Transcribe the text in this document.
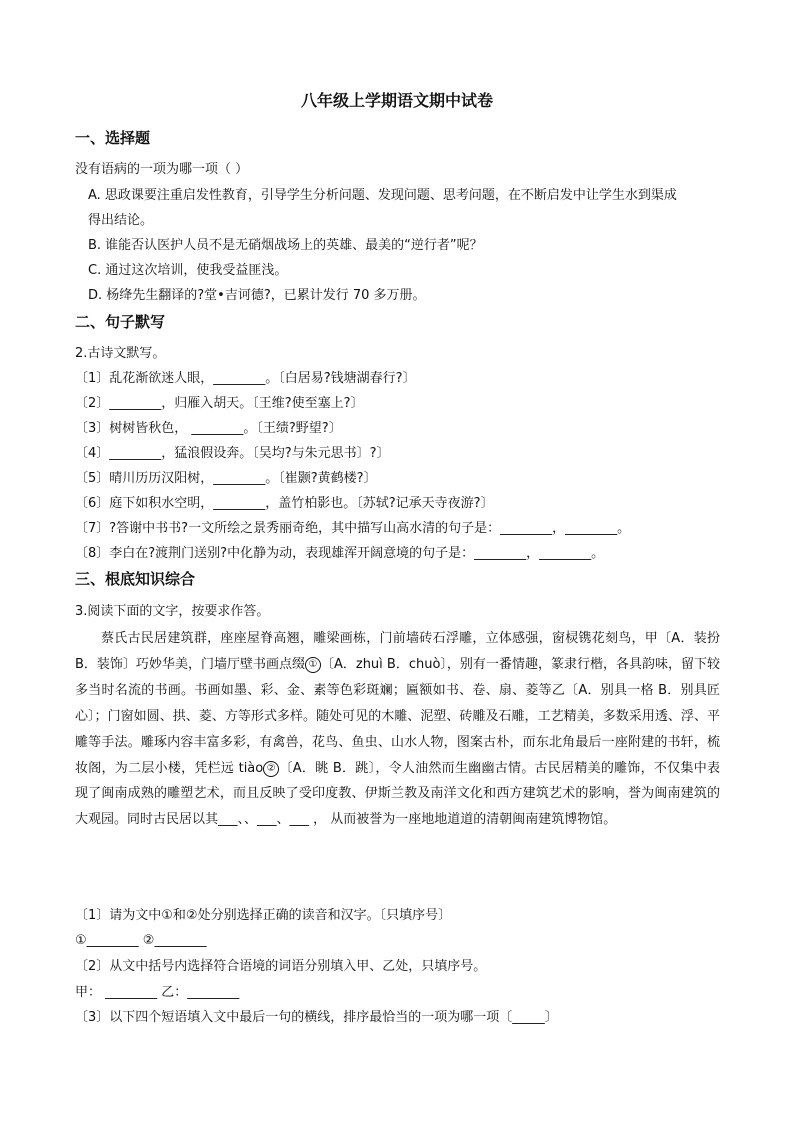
八年级上学期语文期中试卷
一、选择题
没有语病的一项为哪一项（ ）
A. 思政课要注重启发性教育，引导学生分析问题、发现问题、思考问题，在不断启发中让学生水到渠成
得出结论。
B. 谁能否认医护人员不是无硝烟战场上的英雄、最美的“逆行者”呢？
C. 通过这次培训，使我受益匪浅。
D. 杨绛先生翻译的?堂•吉诃德?，已累计发行 70 多万册。
二、句子默写
2.古诗文默写。
〔1〕乱花渐欲迷人眼，________。〔白居易?钱塘湖春行?〕
〔2〕________，归雁入胡天。〔王维?使至塞上?〕
〔3〕树树皆秋色， ________。〔王绩?野望?〕
〔4〕________，猛浪假设奔。〔吴均?与朱元思书〕?〕
〔5〕晴川历历汉阳树，________。〔崔颢?黄鹤楼?〕
〔6〕庭下如积水空明，________，盖竹柏影也。〔苏轼?记承天寺夜游?〕
〔7〕?答谢中书书?一文所绘之景秀丽奇绝，其中描写山高水清的句子是：________，________。
〔8〕李白在?渡荆门送别?中化静为动，表现雄浑开阔意境的句子是：________，________。
三、根底知识综合
3.阅读下面的文字，按要求作答。

蔡氏古民居建筑群，座座屋脊高翘，雕梁画栋，门前墙砖石浮雕，立体感强，窗棂镌花刻鸟，甲〔A．装扮 B．装饰〕巧妙华美，门墙厅壁书画点缀 ① 〔A．zhuì B．chuò〕，别有一番情趣，篆隶行楷，各具韵味，留下较多当时名流的书画。书画如墨、彩、金、素等色彩斑斓；匾额如书、卷、扇、菱等乙〔A．别具一格 B．别具匠心〕；门窗如圆、拱、菱、方等形式多样。随处可见的木雕、泥塑、砖雕及石雕，工艺精美，多数采用透、浮、平雕等手法。雕琢内容丰富多彩，有禽兽，花鸟、鱼虫、山水人物，图案古朴，而东北角最后一座附建的书轩，梳妆阁，为二层小楼，凭栏远 tiào ② 〔A．眺 B．跳〕，令人油然而生幽幽古情。古民居精美的雕饰，不仅集中表现了闽南成熟的雕塑艺术，而且反映了受印度教、伊斯兰教及南洋文化和西方建筑艺术的影响，誉为闽南建筑的大观园。同时古民居以其___、、___、___ ， 从而被誉为一座地地道道的清朝闽南建筑博物馆。

〔1〕请为文中①和②处分别选择正确的读音和汉字。〔只填序号〕
①________ ②________
〔2〕从文中括号内选择符合语境的词语分别填入甲、乙处，只填序号。
甲： ________ 乙：________
〔3〕以下四个短语填入文中最后一句的横线，排序最恰当的一项为哪一项〔_____〕
